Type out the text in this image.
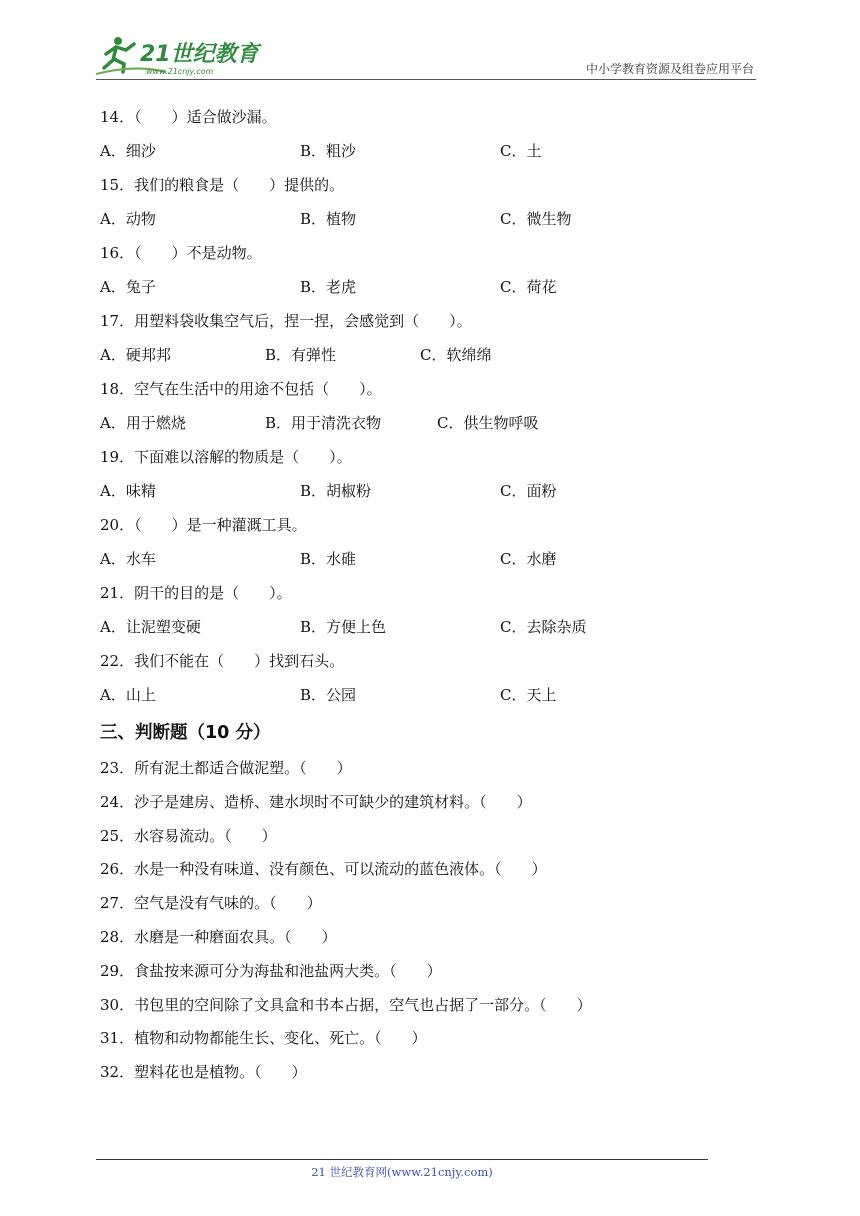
21世纪教育
www.21cnjy.com	中小学教育资源及组卷应用平台
14．（　　）适合做沙漏。
A．细沙	B．粗沙	C．土
15．我们的粮食是（　　）提供的。
A．动物	B．植物	C．微生物
16．（　　）不是动物。
A．兔子	B．老虎	C．荷花
17．用塑料袋收集空气后，捏一捏，会感觉到（　　）。
A．硬邦邦	B．有弹性	C．软绵绵
18．空气在生活中的用途不包括（　　）。
A．用于燃烧	B．用于清洗衣物	C．供生物呼吸
19．下面难以溶解的物质是（　　）。
A．味精	B．胡椒粉	C．面粉
20．（　　）是一种灌溉工具。
A．水车	B．水碓	C．水磨
21．阴干的目的是（　　）。
A．让泥塑变硬	B．方便上色	C．去除杂质
22．我们不能在（　　）找到石头。
A．山上	B．公园	C．天上
三、判断题（10 分）
23．所有泥土都适合做泥塑。（　　）
24．沙子是建房、造桥、建水坝时不可缺少的建筑材料。（　　）
25．水容易流动。（　　）
26．水是一种没有味道、没有颜色、可以流动的蓝色液体。（　　）
27．空气是没有气味的。（　　）
28．水磨是一种磨面农具。（　　）
29．食盐按来源可分为海盐和池盐两大类。（　　）
30．书包里的空间除了文具盒和书本占据，空气也占据了一部分。（　　）
31．植物和动物都能生长、变化、死亡。（　　）
32．塑料花也是植物。（　　）
21 世纪教育网(www.21cnjy.com)
